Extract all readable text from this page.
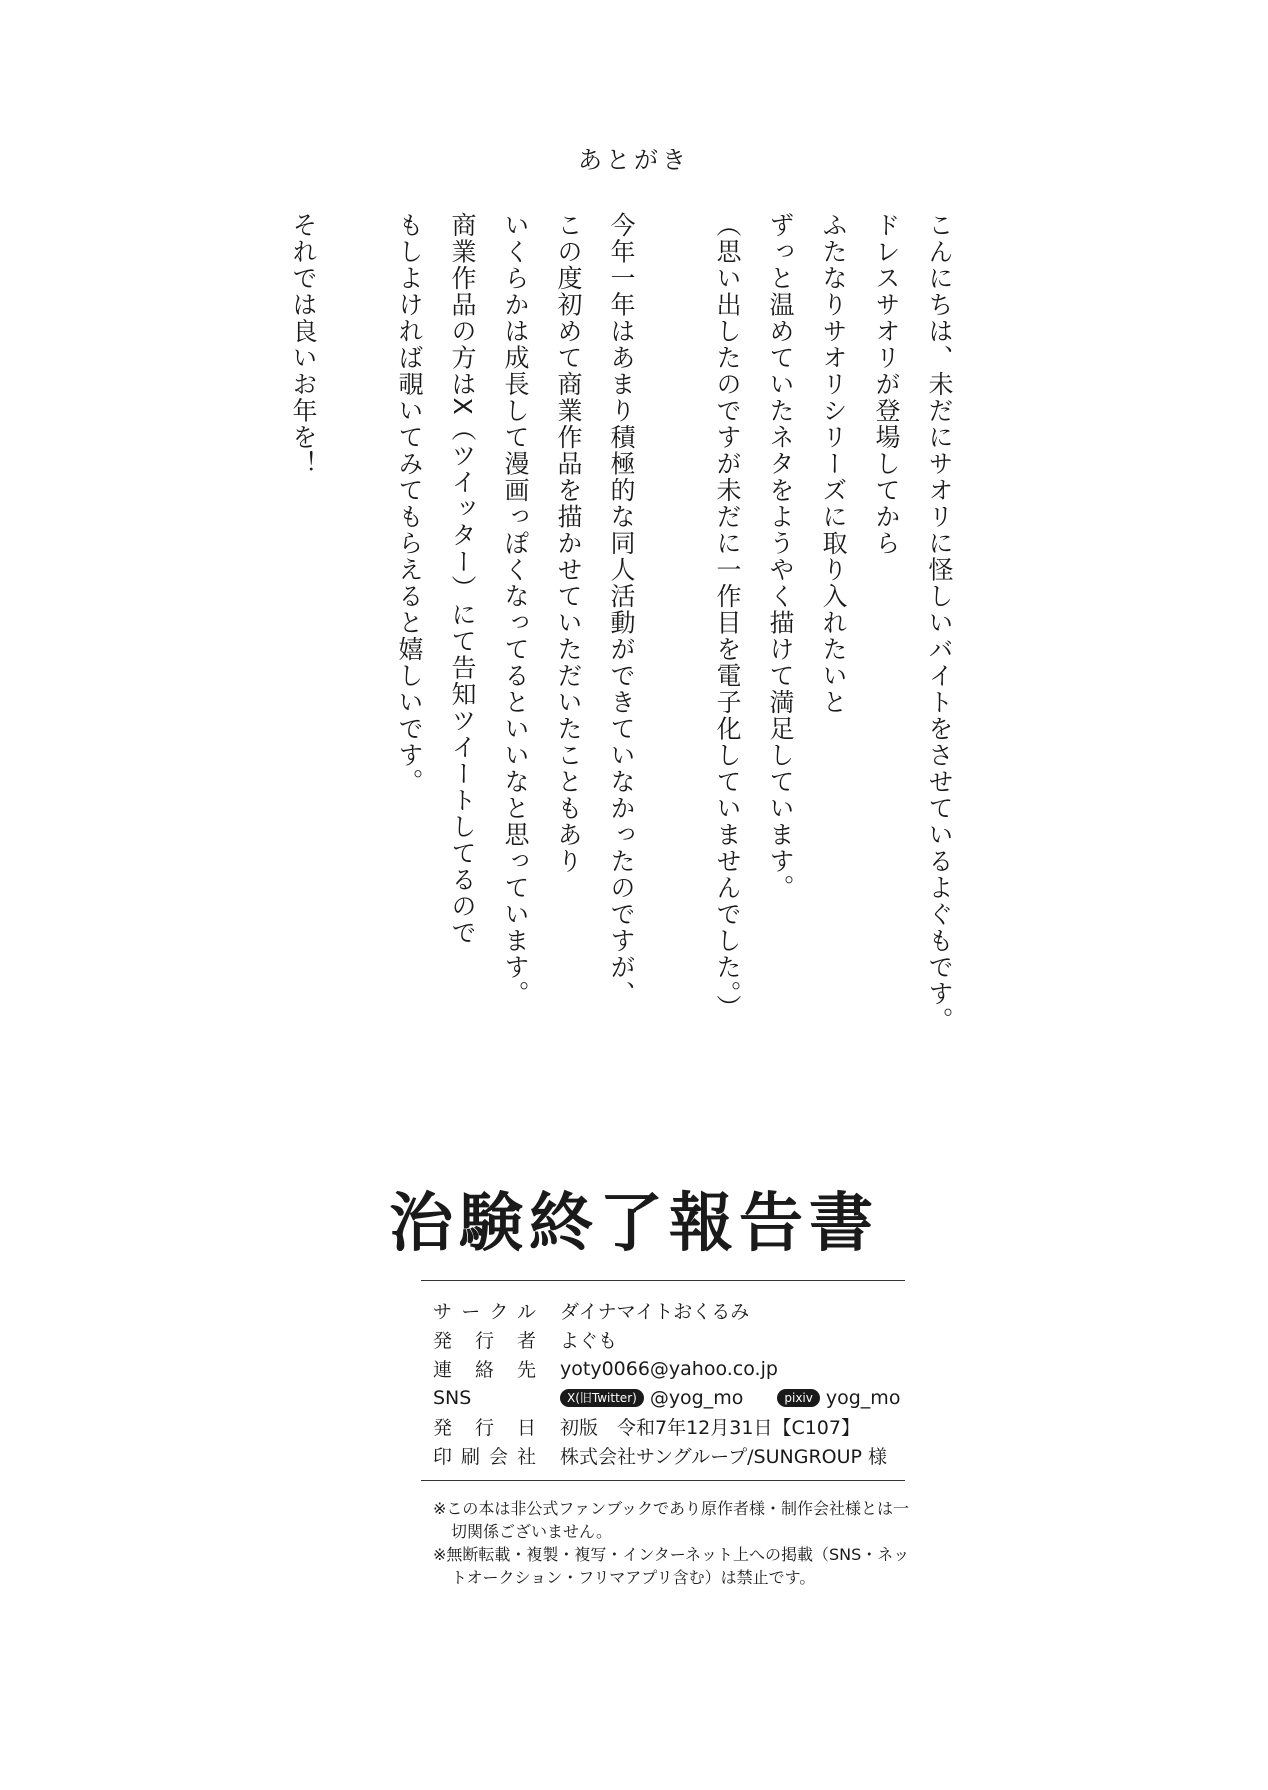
あとがき
こんにちは、未だにサオリに怪しいバイトをさせているよぐもです。
ドレスサオリが登場してから
ふたなりサオリシリーズに取り入れたいと
ずっと温めていたネタをようやく描けて満足しています。
（思い出したのですが未だに一作目を電子化していませんでした。）
今年一年はあまり積極的な同人活動ができていなかったのですが、
この度初めて商業作品を描かせていただいたこともあり
いくらかは成長して漫画っぽくなってるといいなと思っています。
商業作品の方はX（ツイッター）にて告知ツイートしてるので
もしよければ覗いてみてもらえると嬉しいです。
それでは良いお年を！
治験終了報告書
サークル ダイナマイトおくるみ
発行者 よぐも
連絡先 yoty0066@yahoo.co.jp
SNS	X(旧Twitter) @yog_mo	pixiv yog_mo
発行日 初版　令和7年12月31日【C107】
印刷会社 株式会社サングループ/SUNGROUP 様
※この本は非公式ファンブックであり原作者様・制作会社様とは一切関係ございません。
※無断転載・複製・複写・インターネット上への掲載（SNS・ネットオークション・フリマアプリ含む）は禁止です。
